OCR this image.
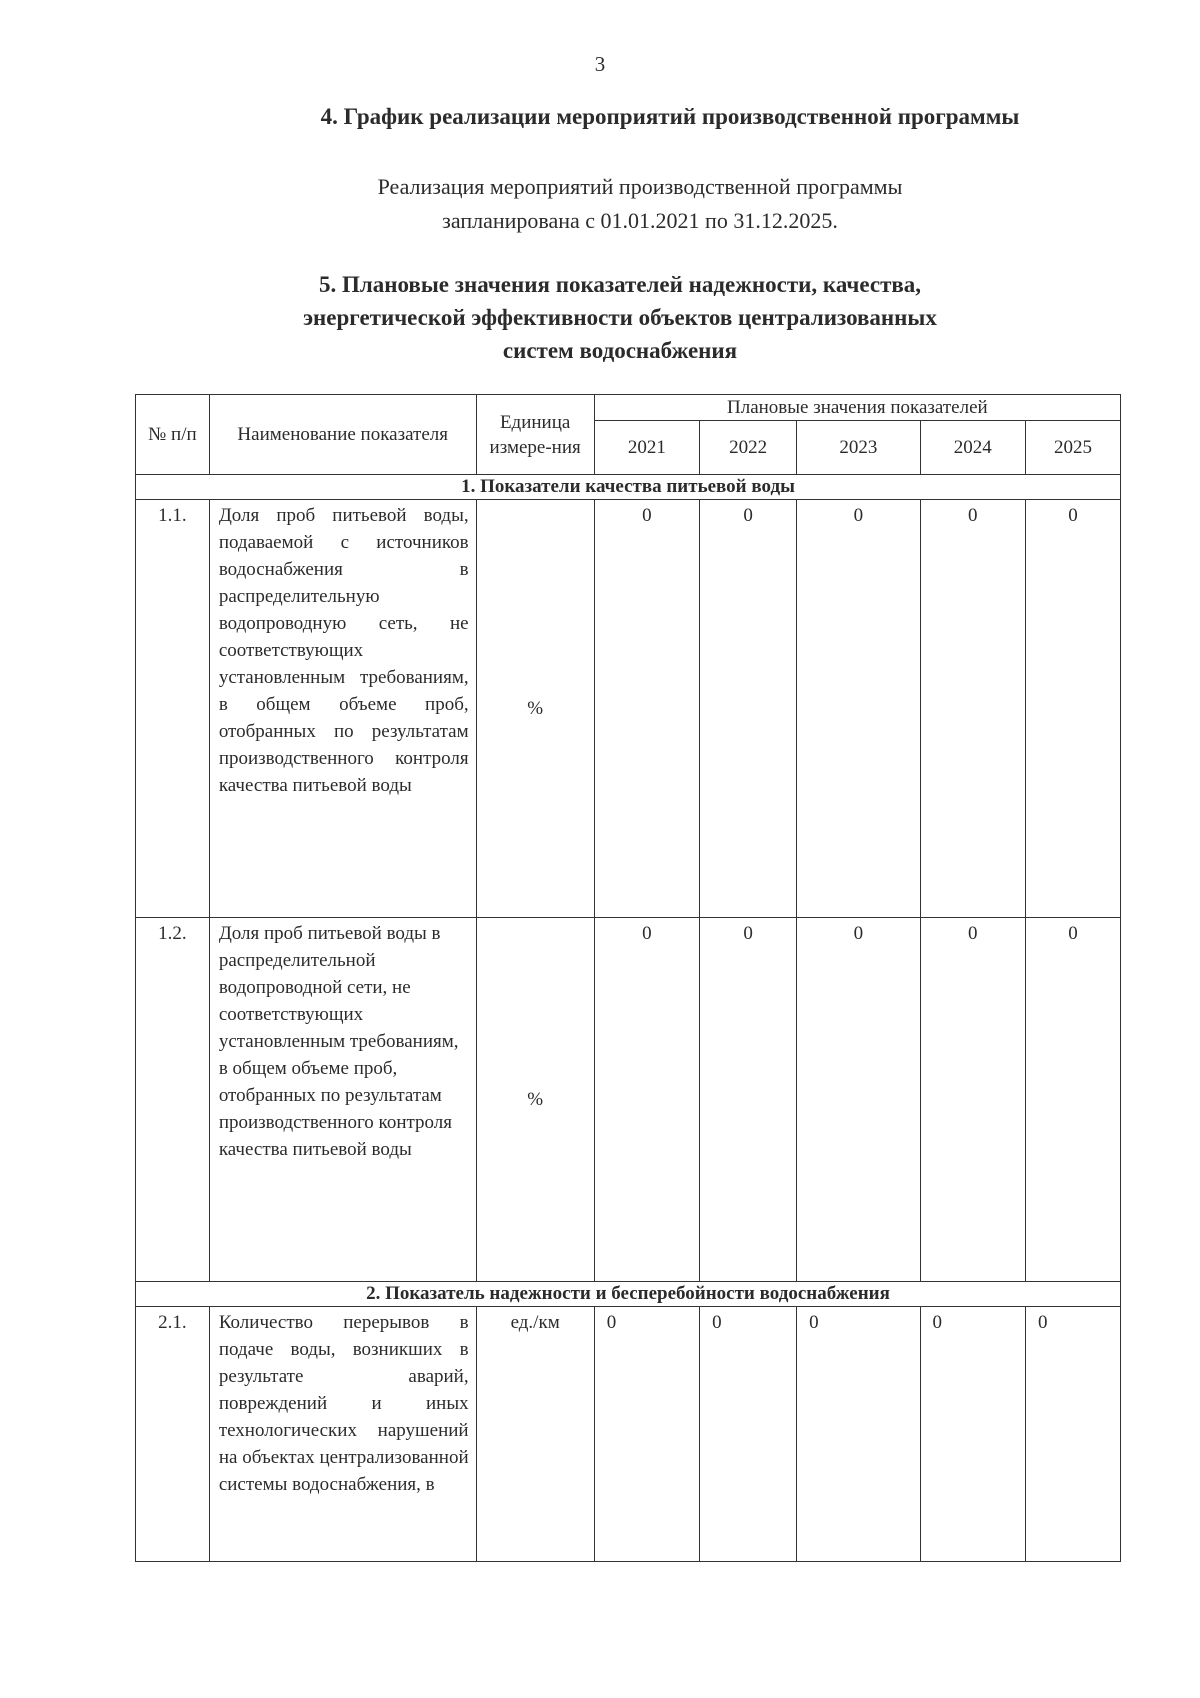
3
4. График реализации мероприятий производственной программы
Реализация мероприятий производственной программы
запланирована с 01.01.2021 по 31.12.2025.
5. Плановые значения показателей надежности, качества,
энергетической эффективности объектов централизованных
систем водоснабжения
№ п/п	Наименование показателя	Единица измере-ния	Плановые значения показателей				
			2021	2022	2023	2024	2025
1. Показатели качества питьевой воды							
1.1.	Доля проб питьевой воды, подаваемой с источников водоснабжения в распределительную водопроводную сеть, не соответствующих установленным требованиям, в общем объеме проб, отобранных по результатам производственного контроля качества питьевой воды	%	0	0	0	0	0
1.2.	Доля проб питьевой воды в распределительной водопроводной сети, не соответствующих установленным требованиям, в общем объеме проб, отобранных по результатам производственного контроля качества питьевой воды	%	0	0	0	0	0
2. Показатель надежности и бесперебойности водоснабжения							
2.1.	Количество перерывов в подаче воды, возникших в результате аварий, повреждений и иных технологических нарушений на объектах централизованной системы водоснабжения, в	ед./км	0	0	0	0	0
